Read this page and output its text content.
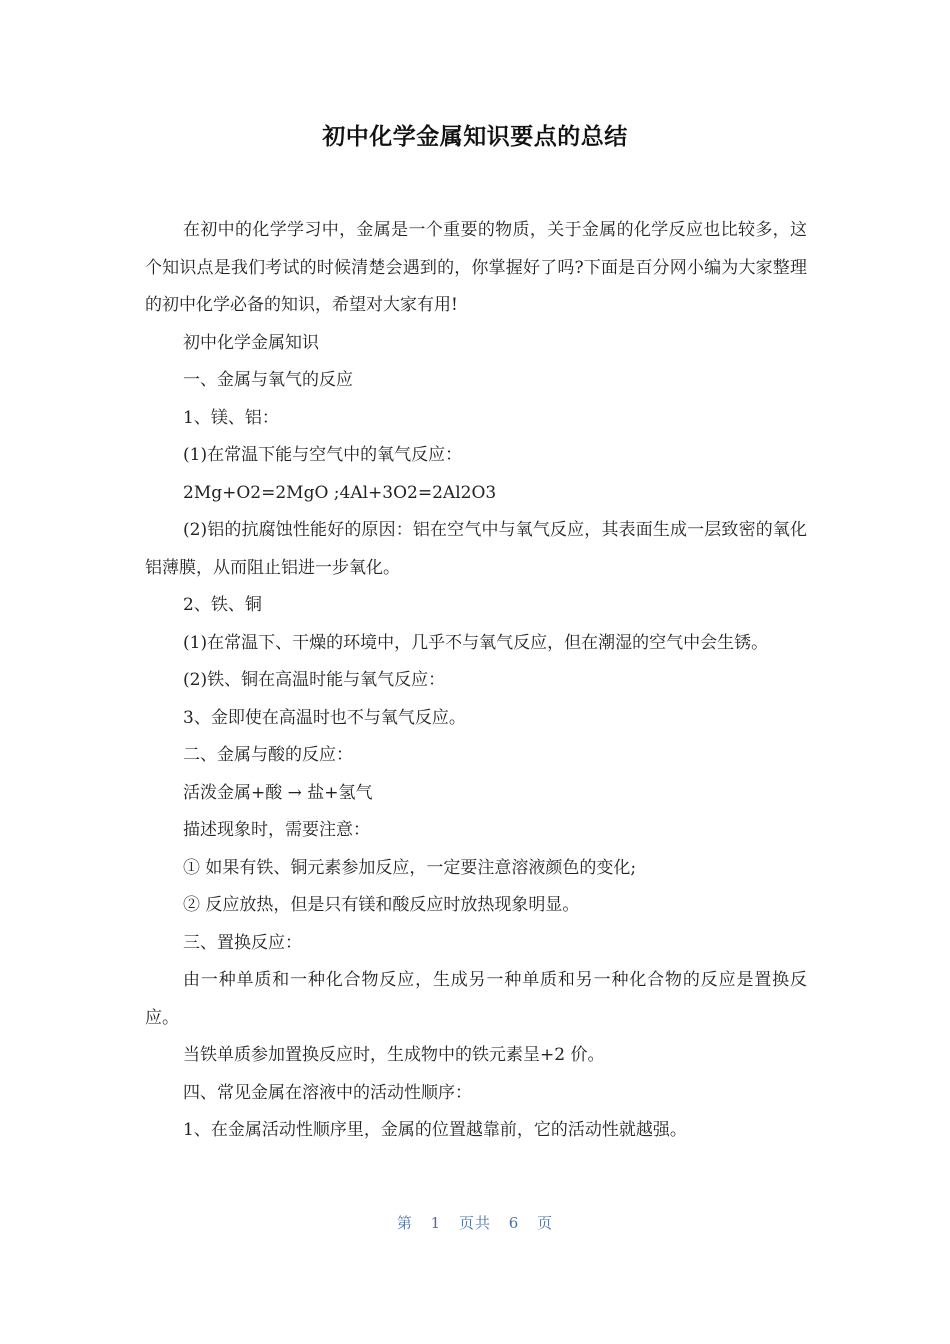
初中化学金属知识要点的总结

在初中的化学学习中，金属是一个重要的物质，关于金属的化学反应也比较多，这个知识点是我们考试的时候清楚会遇到的，你掌握好了吗?下面是百分网小编为大家整理的初中化学必备的知识，希望对大家有用!

初中化学金属知识

一、金属与氧气的反应

1、镁、铝：

(1)在常温下能与空气中的氧气反应：

2Mg+O2=2MgO ;4Al+3O2=2Al2O3

(2)铝的抗腐蚀性能好的原因：铝在空气中与氧气反应，其表面生成一层致密的氧化铝薄膜，从而阻止铝进一步氧化。

2、铁、铜

(1)在常温下、干燥的环境中，几乎不与氧气反应，但在潮湿的空气中会生锈。

(2)铁、铜在高温时能与氧气反应：

3、金即使在高温时也不与氧气反应。

二、金属与酸的反应：

活泼金属+酸 → 盐+氢气

描述现象时，需要注意：

① 如果有铁、铜元素参加反应，一定要注意溶液颜色的变化;

② 反应放热，但是只有镁和酸反应时放热现象明显。

三、置换反应：

由一种单质和一种化合物反应，生成另一种单质和另一种化合物的反应是置换反应。

当铁单质参加置换反应时，生成物中的铁元素呈+2 价。

四、常见金属在溶液中的活动性顺序：

1、在金属活动性顺序里，金属的位置越靠前，它的活动性就越强。

第 1 页共 6 页
